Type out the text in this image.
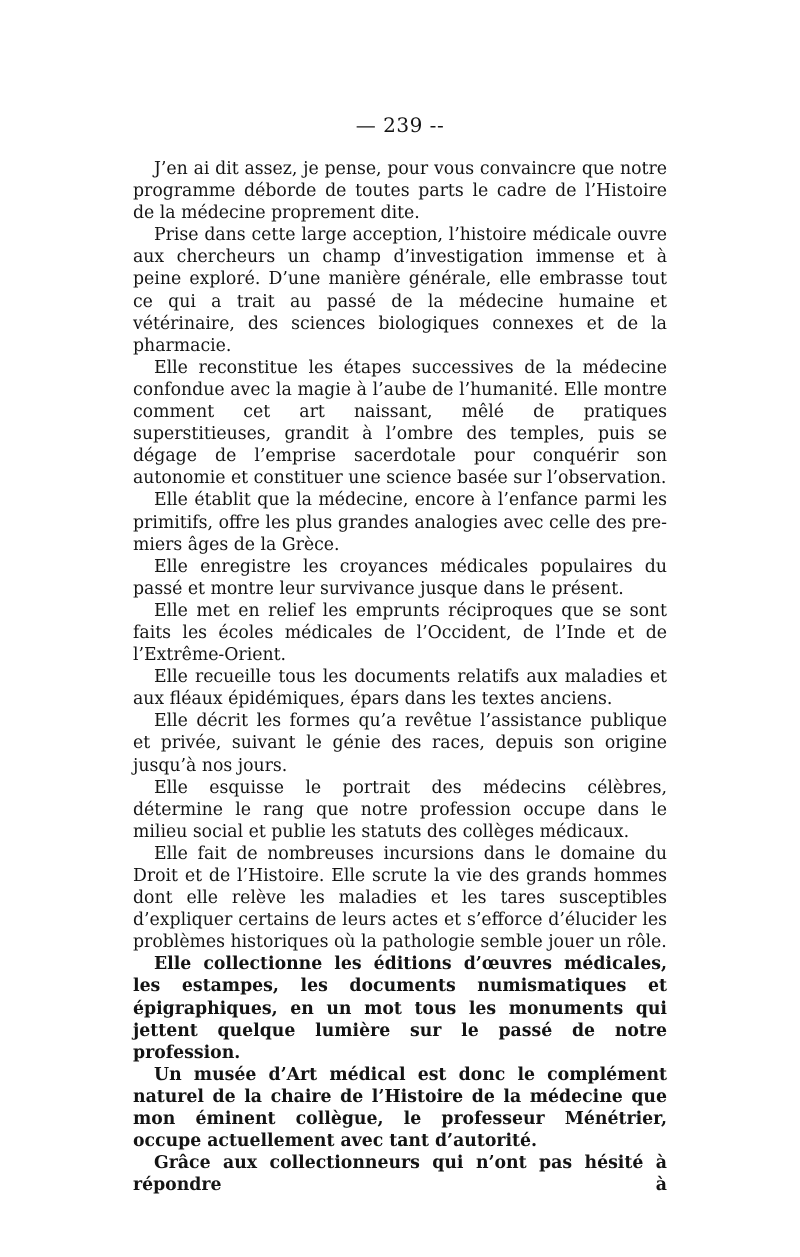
— 239 --

J’en ai dit assez, je pense, pour vous convaincre que notre programme déborde de toutes parts le cadre de l’Histoire de la médecine proprement dite.

Prise dans cette large acception, l’histoire médicale ouvre aux chercheurs un champ d’investigation immense et à peine exploré. D’une manière générale, elle embrasse tout ce qui a trait au passé de la médecine humaine et vétérinaire, des sciences biologiques connexes et de la pharmacie.

Elle reconstitue les étapes successives de la médecine confondue avec la magie à l’aube de l’humanité. Elle montre comment cet art naissant, mêlé de pratiques superstitieuses, grandit à l’ombre des temples, puis se dégage de l’emprise sacerdotale pour conquérir son autonomie et constituer une science basée sur l’observation.

Elle établit que la médecine, encore à l’enfance parmi les primitifs, offre les plus grandes analogies avec celle des premiers âges de la Grèce.

Elle enregistre les croyances médicales populaires du passé et montre leur survivance jusque dans le présent.

Elle met en relief les emprunts réciproques que se sont faits les écoles médicales de l’Occident, de l’Inde et de l’Extrême-Orient.

Elle recueille tous les documents relatifs aux maladies et aux fléaux épidémiques, épars dans les textes anciens.

Elle décrit les formes qu’a revêtue l’assistance publique et privée, suivant le génie des races, depuis son origine jusqu’à nos jours.

Elle esquisse le portrait des médecins célèbres, détermine le rang que notre profession occupe dans le milieu social et publie les statuts des collèges médicaux.

Elle fait de nombreuses incursions dans le domaine du Droit et de l’Histoire. Elle scrute la vie des grands hommes dont elle relève les maladies et les tares susceptibles d’expliquer certains de leurs actes et s’efforce d’élucider les problèmes historiques où la pathologie semble jouer un rôle.

Elle collectionne les éditions d’œuvres médicales, les estampes, les documents numismatiques et épigraphiques, en un mot tous les monuments qui jettent quelque lumière sur le passé de notre profession.

Un musée d’Art médical est donc le complément naturel de la chaire de l’Histoire de la médecine que mon éminent collègue, le professeur Ménétrier, occupe actuellement avec tant d’autorité.

Grâce aux collectionneurs qui n’ont pas hésité à répondre à
